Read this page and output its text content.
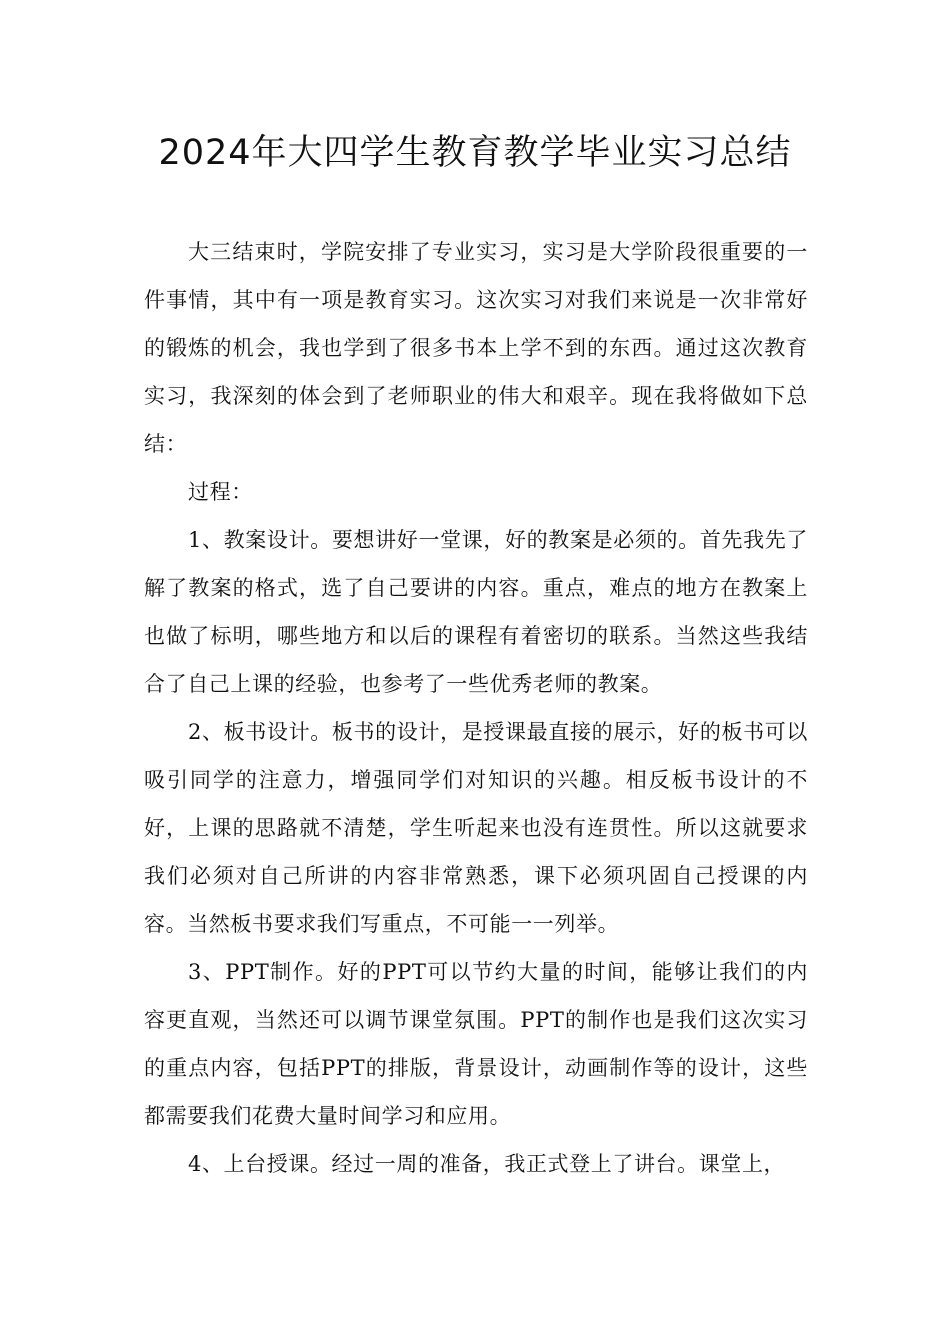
2024年大四学生教育教学毕业实习总结

大三结束时，学院安排了专业实习，实习是大学阶段很重要的一件事情，其中有一项是教育实习。这次实习对我们来说是一次非常好的锻炼的机会，我也学到了很多书本上学不到的东西。通过这次教育实习，我深刻的体会到了老师职业的伟大和艰辛。现在我将做如下总结：

过程：

1、教案设计。要想讲好一堂课，好的教案是必须的。首先我先了解了教案的格式，选了自己要讲的内容。重点，难点的地方在教案上也做了标明，哪些地方和以后的课程有着密切的联系。当然这些我结合了自己上课的经验，也参考了一些优秀老师的教案。

2、板书设计。板书的设计，是授课最直接的展示，好的板书可以吸引同学的注意力，增强同学们对知识的兴趣。相反板书设计的不好，上课的思路就不清楚，学生听起来也没有连贯性。所以这就要求我们必须对自己所讲的内容非常熟悉，课下必须巩固自己授课的内容。当然板书要求我们写重点，不可能一一列举。

3、PPT制作。好的PPT可以节约大量的时间，能够让我们的内容更直观，当然还可以调节课堂氛围。PPT的制作也是我们这次实习的重点内容，包括PPT的排版，背景设计，动画制作等的设计，这些都需要我们花费大量时间学习和应用。

4、上台授课。经过一周的准备，我正式登上了讲台。课堂上，
